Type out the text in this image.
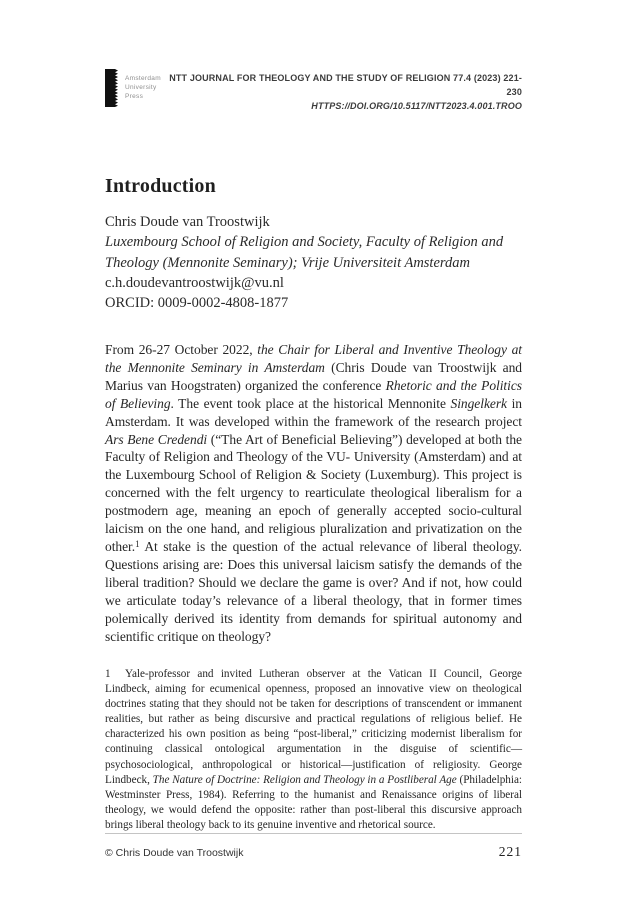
Amsterdam
University
Press
NTT JOURNAL FOR THEOLOGY AND THE STUDY OF RELIGION 77.4 (2023) 221-230
HTTPS://DOI.ORG/10.5117/NTT2023.4.001.TROO
Introduction
Chris Doude van Troostwijk
Luxembourg School of Religion and Society, Faculty of Religion and Theology (Mennonite Seminary); Vrije Universiteit Amsterdam
c.h.doudevantroostwijk@vu.nl
ORCID: 0009-0002-4808-1877

From 26-27 October 2022, the Chair for Liberal and Inventive Theology at the Mennonite Seminary in Amsterdam (Chris Doude van Troostwijk and Marius van Hoogstraten) organized the conference Rhetoric and the Politics of Believing. The event took place at the historical Mennonite Singelkerk in Amsterdam. It was developed within the framework of the research project Ars Bene Credendi (“The Art of Beneficial Believing”) developed at both the Faculty of Religion and Theology of the VU- University (Amsterdam) and at the Luxembourg School of Religion & Society (Luxemburg). This project is concerned with the felt urgency to rearticulate theological liberalism for a postmodern age, meaning an epoch of generally accepted socio-cultural laicism on the one hand, and religious pluralization and privatization on the other.$^1$ At stake is the question of the actual relevance of liberal theology. Questions arising are: Does this universal laicism satisfy the demands of the liberal tradition? Should we declare the game is over? And if not, how could we articulate today’s relevance of a liberal theology, that in former times polemically derived its identity from demands for spiritual autonomy and scientific critique on theology?

1 Yale-professor and invited Lutheran observer at the Vatican II Council, George Lindbeck, aiming for ecumenical openness, proposed an innovative view on theological doctrines stating that they should not be taken for descriptions of transcendent or immanent realities, but rather as being discursive and practical regulations of religious belief. He characterized his own position as being “post-liberal,” criticizing modernist liberalism for continuing classical ontological argumentation in the disguise of scientific—psychosociological, anthropological or historical—justification of religiosity. George Lindbeck, The Nature of Doctrine: Religion and Theology in a Postliberal Age (Philadelphia: Westminster Press, 1984). Referring to the humanist and Renaissance origins of liberal theology, we would defend the opposite: rather than post-liberal this discursive approach brings liberal theology back to its genuine inventive and rhetorical source.

© Chris Doude van Troostwijk	221
